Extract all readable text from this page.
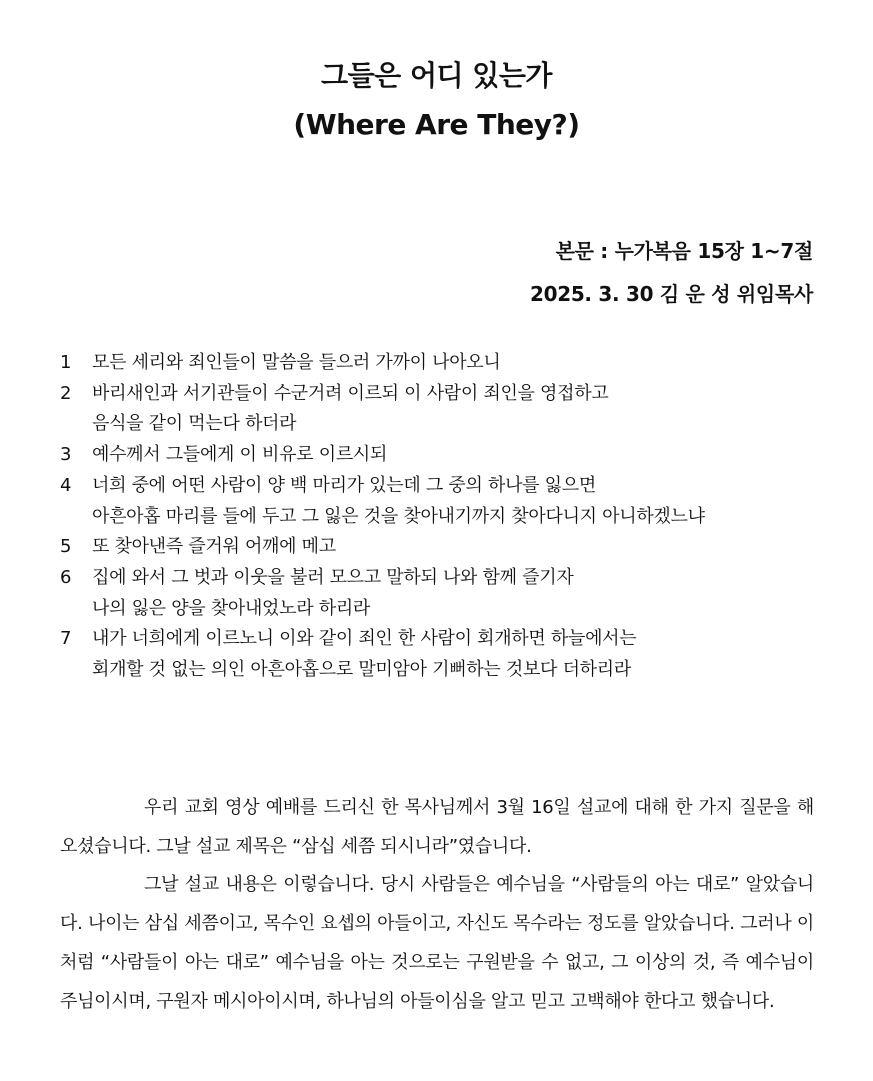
그들은 어디 있는가
(Where Are They?)
본문 : 누가복음 15장 1~7절
2025. 3. 30 김 운 성 위임목사
1	모든 세리와 죄인들이 말씀을 들으러 가까이 나아오니
2	바리새인과 서기관들이 수군거려 이르되 이 사람이 죄인을 영접하고
음식을 같이 먹는다 하더라
3	예수께서 그들에게 이 비유로 이르시되
4	너희 중에 어떤 사람이 양 백 마리가 있는데 그 중의 하나를 잃으면
아흔아홉 마리를 들에 두고 그 잃은 것을 찾아내기까지 찾아다니지 아니하겠느냐
5	또 찾아낸즉 즐거워 어깨에 메고
6	집에 와서 그 벗과 이웃을 불러 모으고 말하되 나와 함께 즐기자
나의 잃은 양을 찾아내었노라 하리라
7	내가 너희에게 이르노니 이와 같이 죄인 한 사람이 회개하면 하늘에서는
회개할 것 없는 의인 아흔아홉으로 말미암아 기뻐하는 것보다 더하리라

우리 교회 영상 예배를 드리신 한 목사님께서 3월 16일 설교에 대해 한 가지 질문을 해 오셨습니다. 그날 설교 제목은 “삼십 세쯤 되시니라”였습니다.

그날 설교 내용은 이렇습니다. 당시 사람들은 예수님을 “사람들의 아는 대로” 알았습니다. 나이는 삼십 세쯤이고, 목수인 요셉의 아들이고, 자신도 목수라는 정도를 알았습니다. 그러나 이처럼 “사람들이 아는 대로” 예수님을 아는 것으로는 구원받을 수 없고, 그 이상의 것, 즉 예수님이 주님이시며, 구원자 메시아이시며, 하나님의 아들이심을 알고 믿고 고백해야 한다고 했습니다.
